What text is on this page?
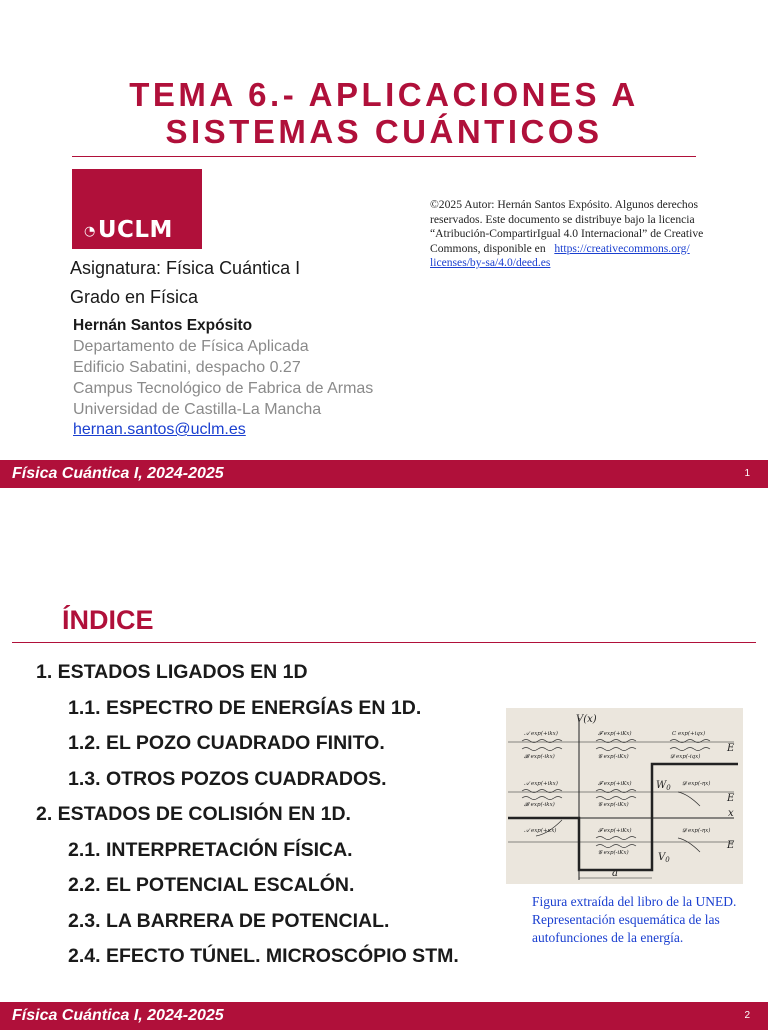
TEMA 6.- APLICACIONES A
SISTEMAS CUÁNTICOS
◔UCLM
Asignatura: Física Cuántica I
Grado en Física
Hernán Santos Expósito
Departamento de Física Aplicada
Edificio Sabatini, despacho 0.27
Campus Tecnológico de Fabrica de Armas
Universidad de Castilla-La Mancha
hernan.santos@uclm.es
©2025 Autor: Hernán Santos Expósito. Algunos derechos reservados. Este documento se distribuye bajo la licencia “Atribución-CompartirIgual 4.0 Internacional” de Creative Commons, disponible en https://creativecommons.org/ licenses/by-sa/4.0/deed.es
Física Cuántica I, 2024-2025	1
ÍNDICE
1. ESTADOS LIGADOS EN 1D
1.1. ESPECTRO DE ENERGÍAS EN 1D.
1.2. EL POZO CUADRADO FINITO.
1.3. OTROS POZOS CUADRADOS.
2. ESTADOS DE COLISIÓN EN 1D.
2.1. INTERPRETACIÓN FÍSICA.
2.2. EL POTENCIAL ESCALÓN.
2.3. LA BARRERA DE POTENCIAL.
2.4. EFECTO TÚNEL. MICROSCÓPIO STM.
V(x)
x
E
E
E
$W_0$
$V_0$
a
𝒜 exp(+ikx)
𝓑 exp(-ikx)
𝓕 exp(+iKx)
𝓖 exp(-iKx)
C exp(+iqx)
𝓓 exp(-iqx)
𝒜 exp(+ikx)
𝓑 exp(-ikx)
𝓕 exp(+iKx)
𝓖 exp(-iKx)
𝓓 exp(-ηx)
𝒜 exp(+κx)	𝓕 exp(+iKx)
𝓖 exp(-iKx)
𝓓 exp(-ηx)
Figura extraída del libro de la UNED. Representación esquemática de las autofunciones de la energía.
Física Cuántica I, 2024-2025	2
